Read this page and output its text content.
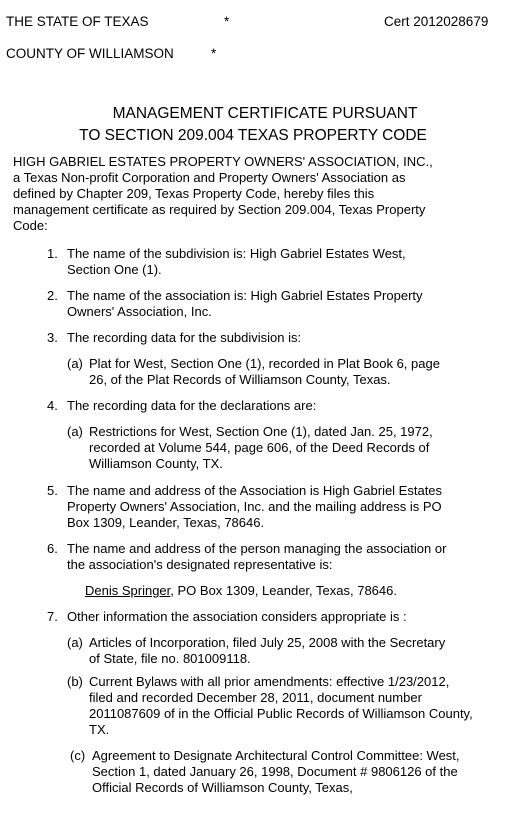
THE STATE OF TEXAS	*	Cert 2012028679
COUNTY OF WILLIAMSON	*
MANAGEMENT CERTIFICATE PURSUANT
TO SECTION 209.004 TEXAS PROPERTY CODE

HIGH GABRIEL ESTATES PROPERTY OWNERS' ASSOCIATION, INC.,

a Texas Non-profit Corporation and Property Owners' Association as

defined by Chapter 209, Texas Property Code, hereby files this

management certificate as required by Section 209.004, Texas Property

Code:

1. The name of the subdivision is: High Gabriel Estates West,

Section One (1).

2. The name of the association is: High Gabriel Estates Property

Owners' Association, Inc.

3. The recording data for the subdivision is:

(a) Plat for West, Section One (1), recorded in Plat Book 6, page

26, of the Plat Records of Williamson County, Texas.

4. The recording data for the declarations are:

(a) Restrictions for West, Section One (1), dated Jan. 25, 1972,

recorded at Volume 544, page 606, of the Deed Records of

Williamson County, TX.

5. The name and address of the Association is High Gabriel Estates

Property Owners' Association, Inc. and the mailing address is PO

Box 1309, Leander, Texas, 78646.

6. The name and address of the person managing the association or

the association's designated representative is:

Denis Springer, PO Box 1309, Leander, Texas, 78646.
7. Other information the association considers appropriate is :

(a) Articles of Incorporation, filed July 25, 2008 with the Secretary

of State, file no. 801009118.

(b) Current Bylaws with all prior amendments: effective 1/23/2012,

filed and recorded December 28, 2011, document number

2011087609 of in the Official Public Records of Williamson County,

TX.

(c) Agreement to Designate Architectural Control Committee: West,

Section 1, dated January 26, 1998, Document # 9806126 of the

Official Records of Williamson County, Texas,
